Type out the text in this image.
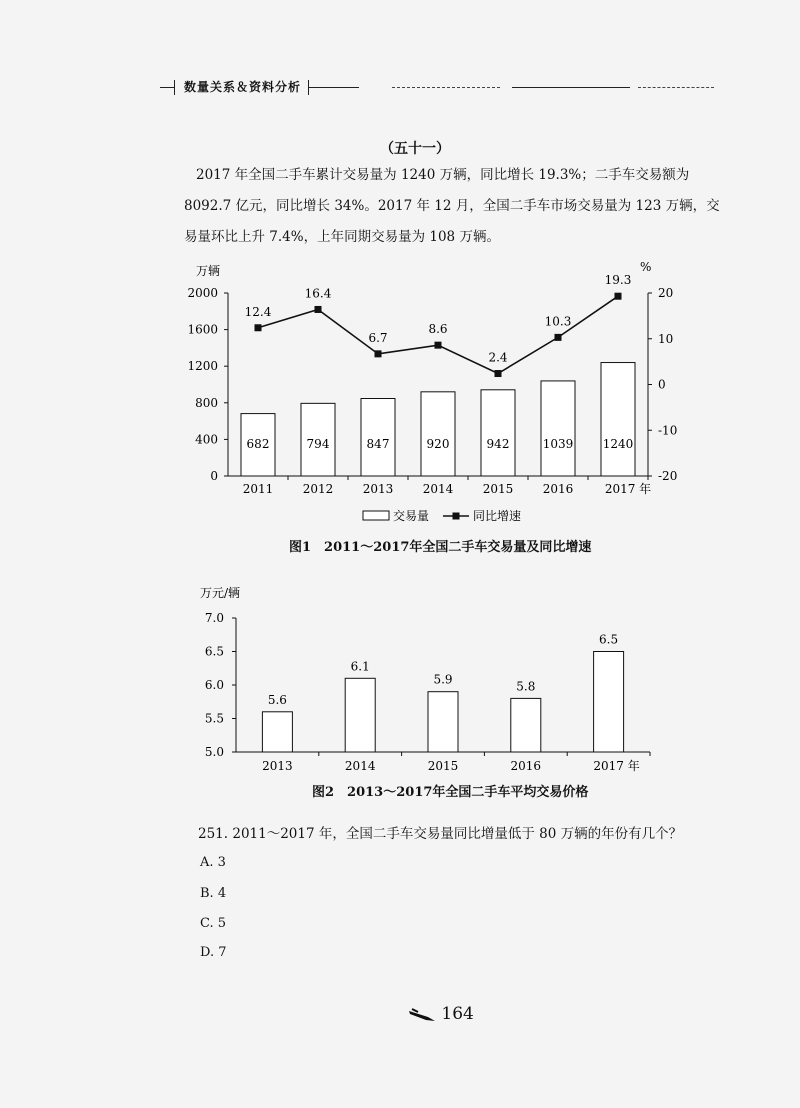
数量关系＆资料分析
（五十一）
2017 年全国二手车累计交易量为 1240 万辆，同比增长 19.3%；二手车交易额为
8092.7 亿元，同比增长 34%。2017 年 12 月，全国二手车市场交易量为 123 万辆，交
易量环比上升 7.4%，上年同期交易量为 108 万辆。
万辆	%
0
400
800
1200
1600
2000
-20
-10
0
10
20
682	794	847	920	942	1039 1240
2011 2012 2013 2014 2015 2016	2017 年
12.4
16.4
6.7
8.6
2.4
10.3
19.3
交易量	同比增速
图1　2011～2017年全国二手车交易量及同比增速
万元/辆
5.0
5.5
6.0
6.5
7.0
5.6
6.1
5.9	5.8
6.5
2013	2014	2015	2016	2017 年
图2　2013～2017年全国二手车平均交易价格
251. 2011～2017 年，全国二手车交易量同比增量低于 80 万辆的年份有几个？
A. 3
B. 4
C. 5
D. 7
164
